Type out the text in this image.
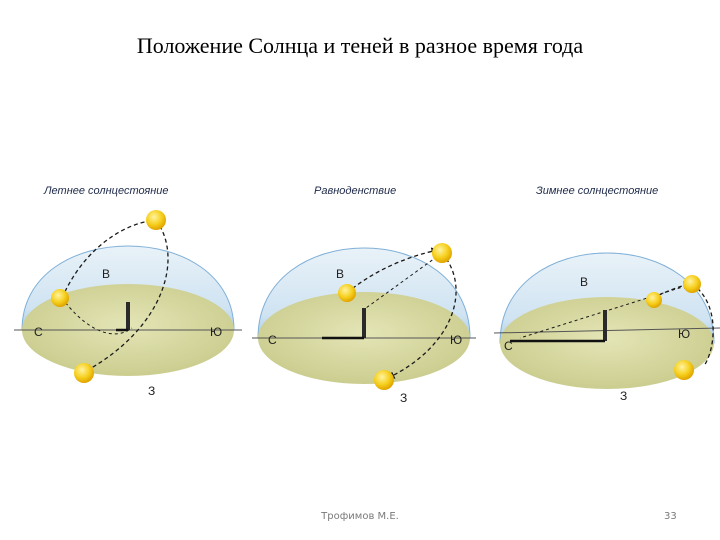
Положение Солнца и теней в разное время года
Летнее солнцестояние
С	Ю
В
З
Равноденствие
С	Ю
В
З
Зимнее солнцестояние
С
Ю
В
З
Трофимов М.Е.	33
